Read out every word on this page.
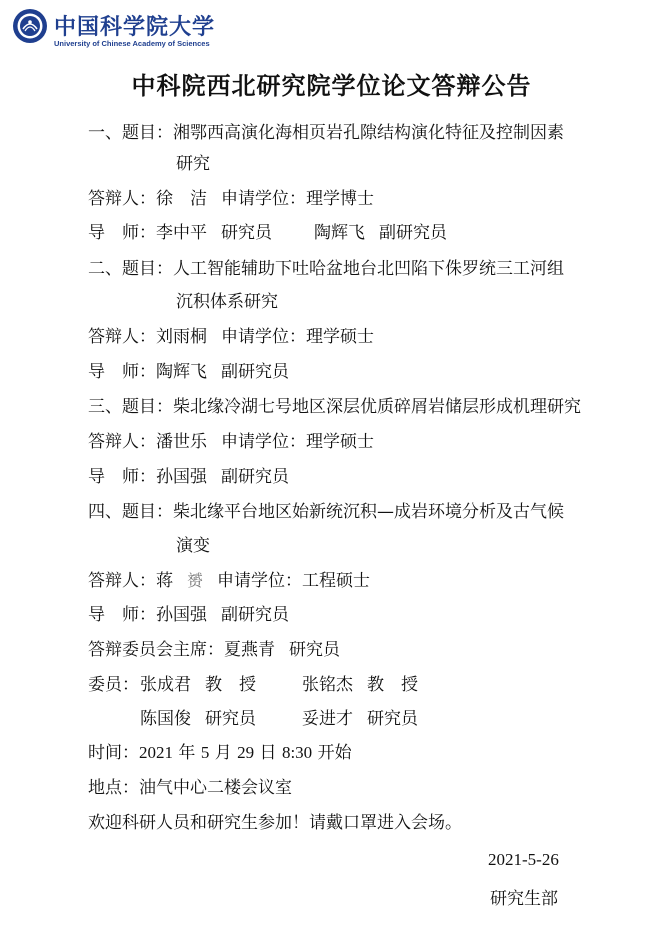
中国科学院大学
University of Chinese Academy of Sciences
中科院西北研究院学位论文答辩公告
一、题目：湘鄂西高演化海相页岩孔隙结构演化特征及控制因素
研究
答辩人：徐　洁 申请学位：理学博士
导　师：李中平 研究员 陶辉飞 副研究员
二、题目：人工智能辅助下吐哈盆地台北凹陷下侏罗统三工河组
沉积体系研究
答辩人：刘雨桐 申请学位：理学硕士
导　师：陶辉飞 副研究员
三、题目：柴北缘冷湖七号地区深层优质碎屑岩储层形成机理研究
答辩人：潘世乐 申请学位：理学硕士
导　师：孙国强 副研究员
四、题目：柴北缘平台地区始新统沉积—成岩环境分析及古气候
演变
答辩人：蒋 赟 申请学位：工程硕士
导　师：孙国强 副研究员
答辩委员会主席：夏燕青 研究员
委员： 张成君 教　授	张铭杰 教　授
陈国俊 研究员	妥进才 研究员
时间：2021 年 5 月 29 日 8:30 开始
地点：油气中心二楼会议室
欢迎科研人员和研究生参加！请戴口罩进入会场。
2021-5-26
研究生部
